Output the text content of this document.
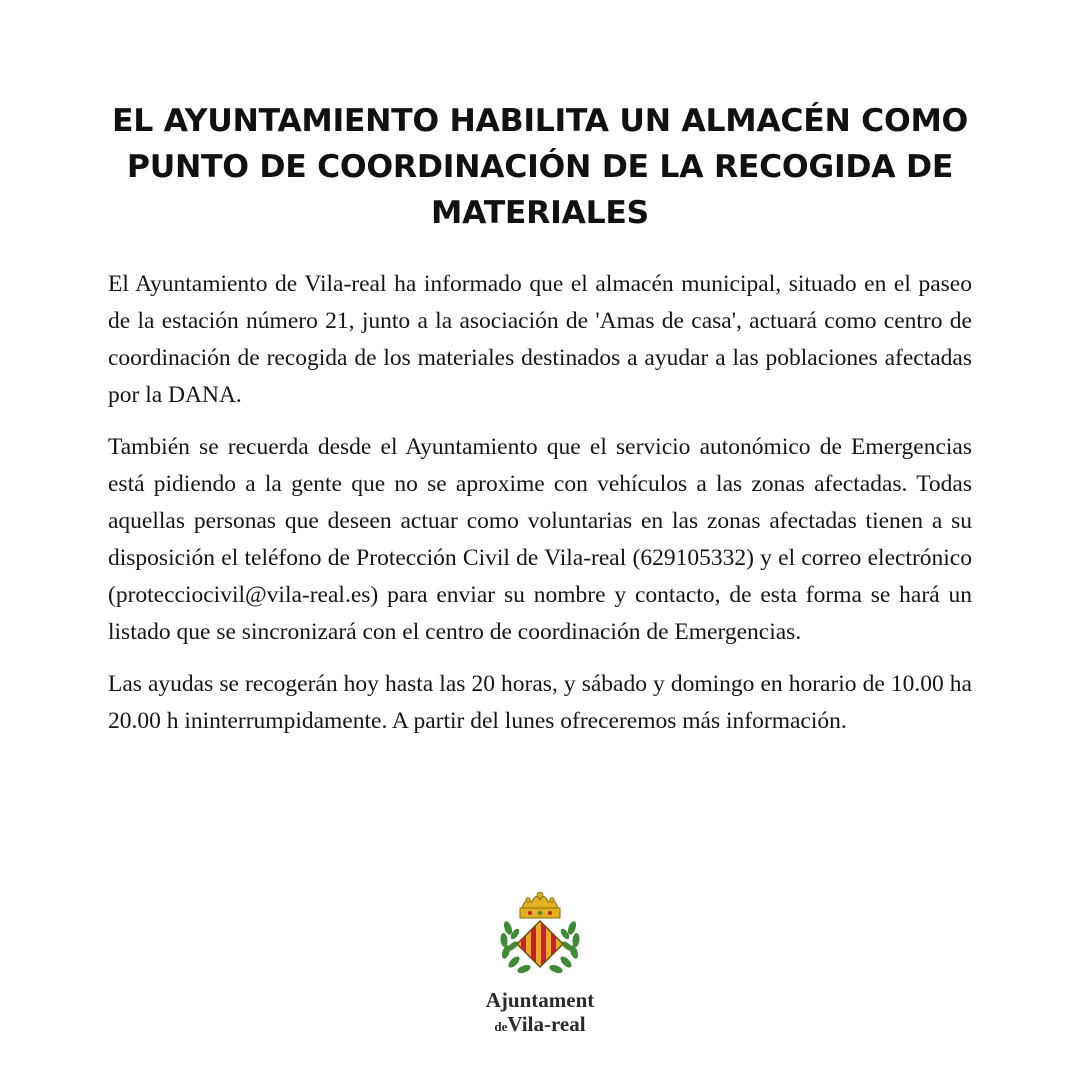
EL AYUNTAMIENTO HABILITA UN ALMACÉN COMO PUNTO DE COORDINACIÓN DE LA RECOGIDA DE MATERIALES

El Ayuntamiento de Vila-real ha informado que el almacén municipal, situado en el paseo de la estación número 21, junto a la asociación de 'Amas de casa', actuará como centro de coordinación de recogida de los materiales destinados a ayudar a las poblaciones afectadas por la DANA.

También se recuerda desde el Ayuntamiento que el servicio autonómico de Emergencias está pidiendo a la gente que no se aproxime con vehículos a las zonas afectadas. Todas aquellas personas que deseen actuar como voluntarias en las zonas afectadas tienen a su disposición el teléfono de Protección Civil de Vila-real (629105332) y el correo electrónico (protecciocivil@vila-real.es) para enviar su nombre y contacto, de esta forma se hará un listado que se sincronizará con el centro de coordinación de Emergencias.

Las ayudas se recogerán hoy hasta las 20 horas, y sábado y domingo en horario de 10.00 ha 20.00 h ininterrumpidamente. A partir del lunes ofreceremos más información.

Ajuntament
deVila-real
